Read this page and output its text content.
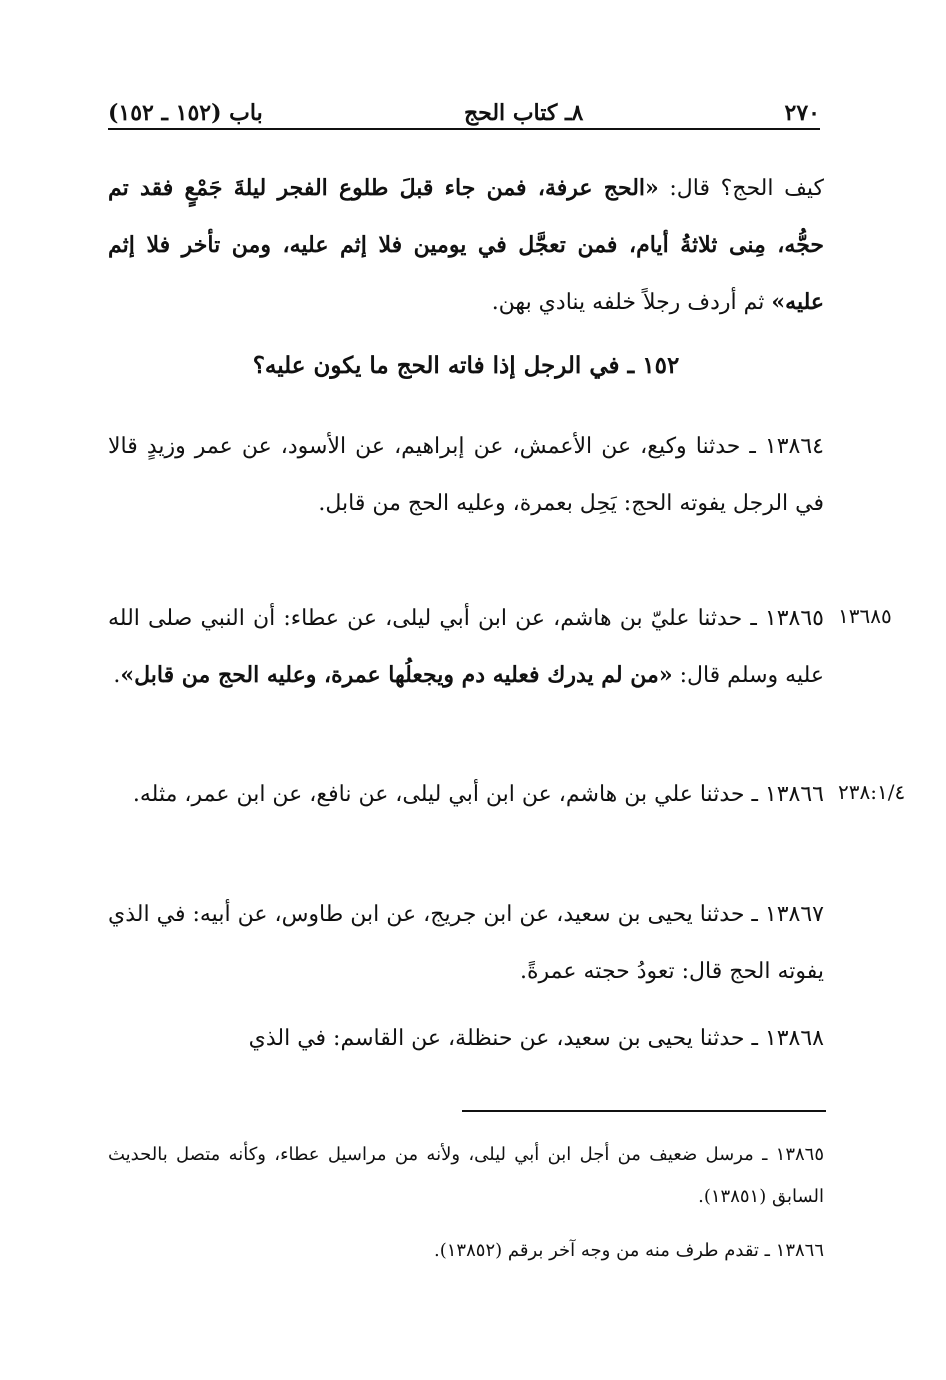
باب (١٥٢ ـ ١٥٢)	٨ـ كتاب الحج	٢٧٠
كيف الحج؟ قال: «الحج عرفة، فمن جاء قبلَ طلوع الفجر ليلةَ جَمْعٍ فقد تم حجُّه، مِنى ثلاثةُ أيام، فمن تعجَّل في يومين فلا إثم عليه، ومن تأخر فلا إثم عليه» ثم أردف رجلاً خلفه ينادي بهن.
١٥٢ ـ في الرجل إذا فاته الحج ما يكون عليه؟
١٣٨٦٤ ـ حدثنا وكيع، عن الأعمش، عن إبراهيم، عن الأسود، عن عمر وزيدٍ قالا في الرجل يفوته الحج: يَحِل بعمرة، وعليه الحج من قابل.
١٣٦٨٥
١٣٨٦٥ ـ حدثنا عليّ بن هاشم، عن ابن أبي ليلى، عن عطاء: أن النبي صلى الله عليه وسلم قال: «من لم يدرك فعليه دم ويجعلُها عمرة، وعليه الحج من قابل».
٢٣٨:١/٤
١٣٨٦٦ ـ حدثنا علي بن هاشم، عن ابن أبي ليلى، عن نافع، عن ابن عمر، مثله.
١٣٨٦٧ ـ حدثنا يحيى بن سعيد، عن ابن جريج، عن ابن طاوس، عن أبيه: في الذي يفوته الحج قال: تعودُ حجته عمرةً.
١٣٨٦٨ ـ حدثنا يحيى بن سعيد، عن حنظلة، عن القاسم: في الذي
١٣٨٦٥ ـ مرسل ضعيف من أجل ابن أبي ليلى، ولأنه من مراسيل عطاء، وكأنه متصل بالحديث السابق (١٣٨٥١).
١٣٨٦٦ ـ تقدم طرف منه من وجه آخر برقم (١٣٨٥٢).
